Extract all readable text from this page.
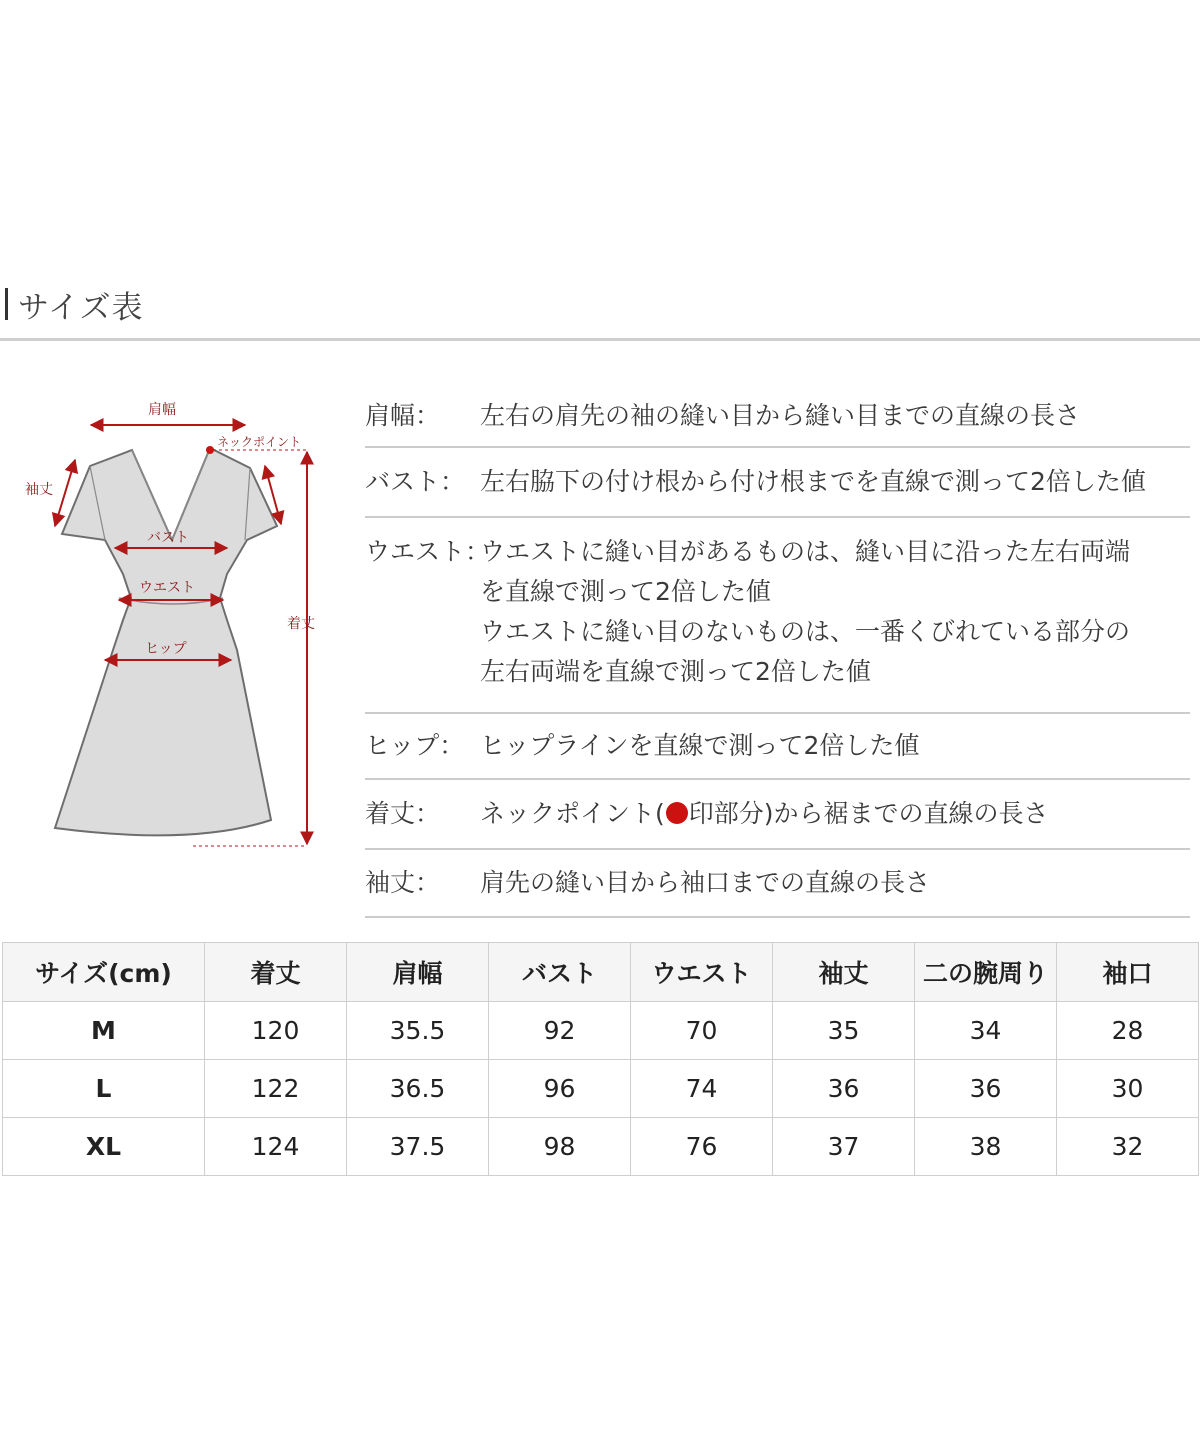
サイズ表
肩幅
ネックポイント
袖丈
バスト
ウエスト
ヒップ
着丈
肩幅：	左右の肩先の袖の縫い目から縫い目までの直線の長さ
バスト： 左右脇下の付け根から付け根までを直線で測って2倍した値
ウエスト：
ウエストに縫い目があるものは、縫い目に沿った左右両端
を直線で測って2倍した値
ウエストに縫い目のないものは、一番くびれている部分の
左右両端を直線で測って2倍した値
ヒップ： ヒップラインを直線で測って2倍した値
着丈：	ネックポイント( 印部分)から裾までの直線の長さ
袖丈：	肩先の縫い目から袖口までの直線の長さ
サイズ(cm)	着丈	肩幅	バスト	ウエスト	袖丈	二の腕周り	袖口
M	120	35.5	92	70	35	34	28
L	122	36.5	96	74	36	36	30
XL	124	37.5	98	76	37	38	32
